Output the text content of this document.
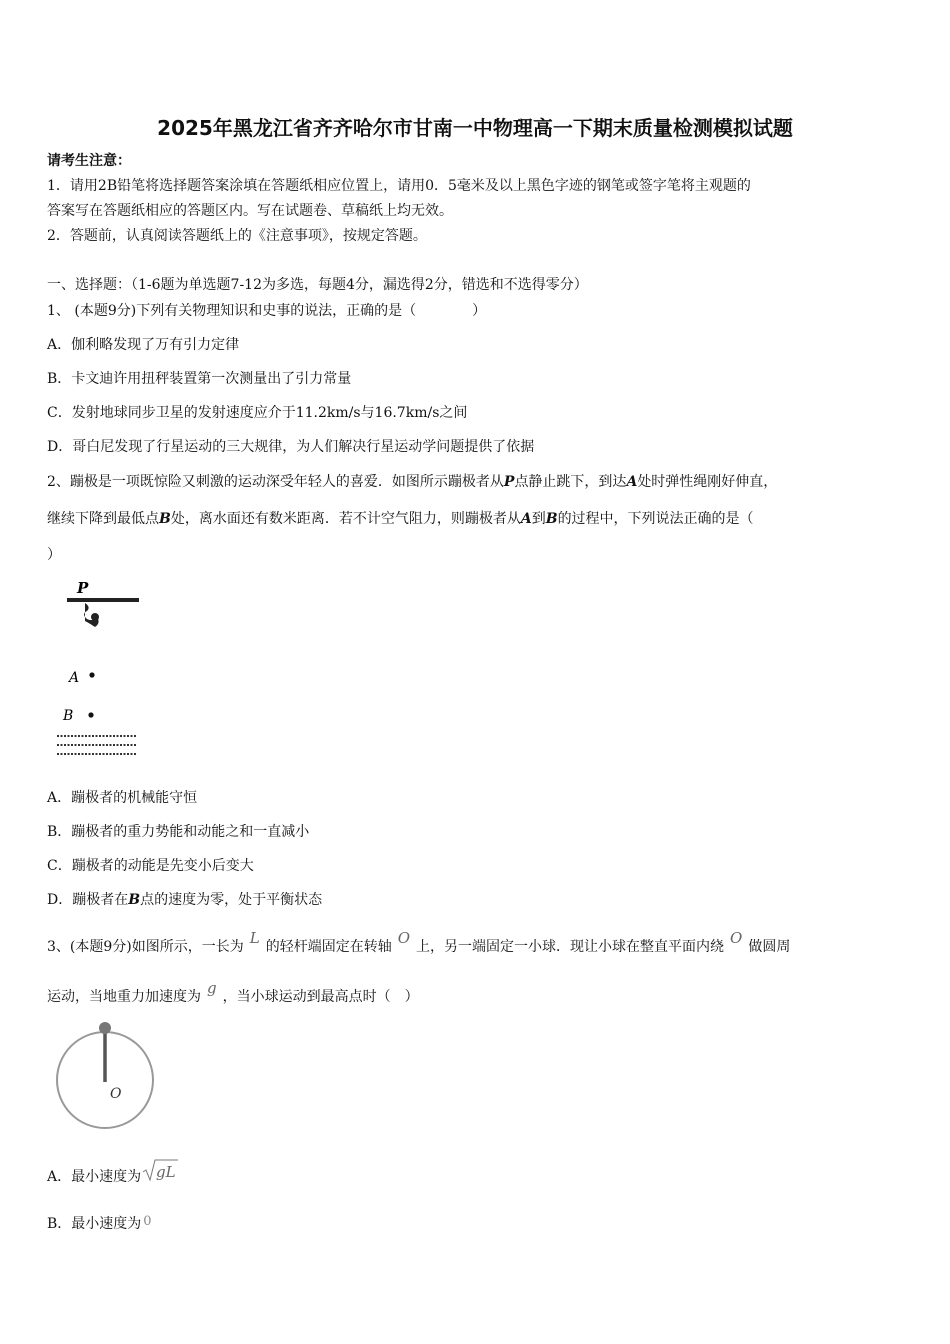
2025年黑龙江省齐齐哈尔市甘南一中物理高一下期末质量检测模拟试题
请考生注意：
1．请用2B铅笔将选择题答案涂填在答题纸相应位置上，请用0．5毫米及以上黑色字迹的钢笔或签字笔将主观题的
答案写在答题纸相应的答题区内。写在试题卷、草稿纸上均无效。
2．答题前，认真阅读答题纸上的《注意事项》，按规定答题。
一、选择题：（1-6题为单选题7-12为多选，每题4分，漏选得2分，错选和不选得零分）
1、 (本题9分)下列有关物理知识和史事的说法，正确的是（　　　　）
A．伽利略发现了万有引力定律
B．卡文迪许用扭秤装置第一次测量出了引力常量
C．发射地球同步卫星的发射速度应介于11.2km/s与16.7km/s之间
D．哥白尼发现了行星运动的三大规律，为人们解决行星运动学问题提供了依据
2、蹦极是一项既惊险又刺激的运动深受年轻人的喜爱．如图所示蹦极者从P点静止跳下，到达A处时弹性绳刚好伸直，
继续下降到最低点B处，离水面还有数米距离．若不计空气阻力，则蹦极者从A到B的过程中，下列说法正确的是（
）
P
A
B
A．蹦极者的机械能守恒
B．蹦极者的重力势能和动能之和一直减小
C．蹦极者的动能是先变小后变大
D．蹦极者在B点的速度为零，处于平衡状态
3、(本题9分)如图所示，一长为 L 的轻杆端固定在转轴 O 上，另一端固定一小球．现让小球在整直平面内绕 O 做圆周
运动，当地重力加速度为 g ，当小球运动到最高点时（　）
O
A．最小速度为 gL
B．最小速度为 0
